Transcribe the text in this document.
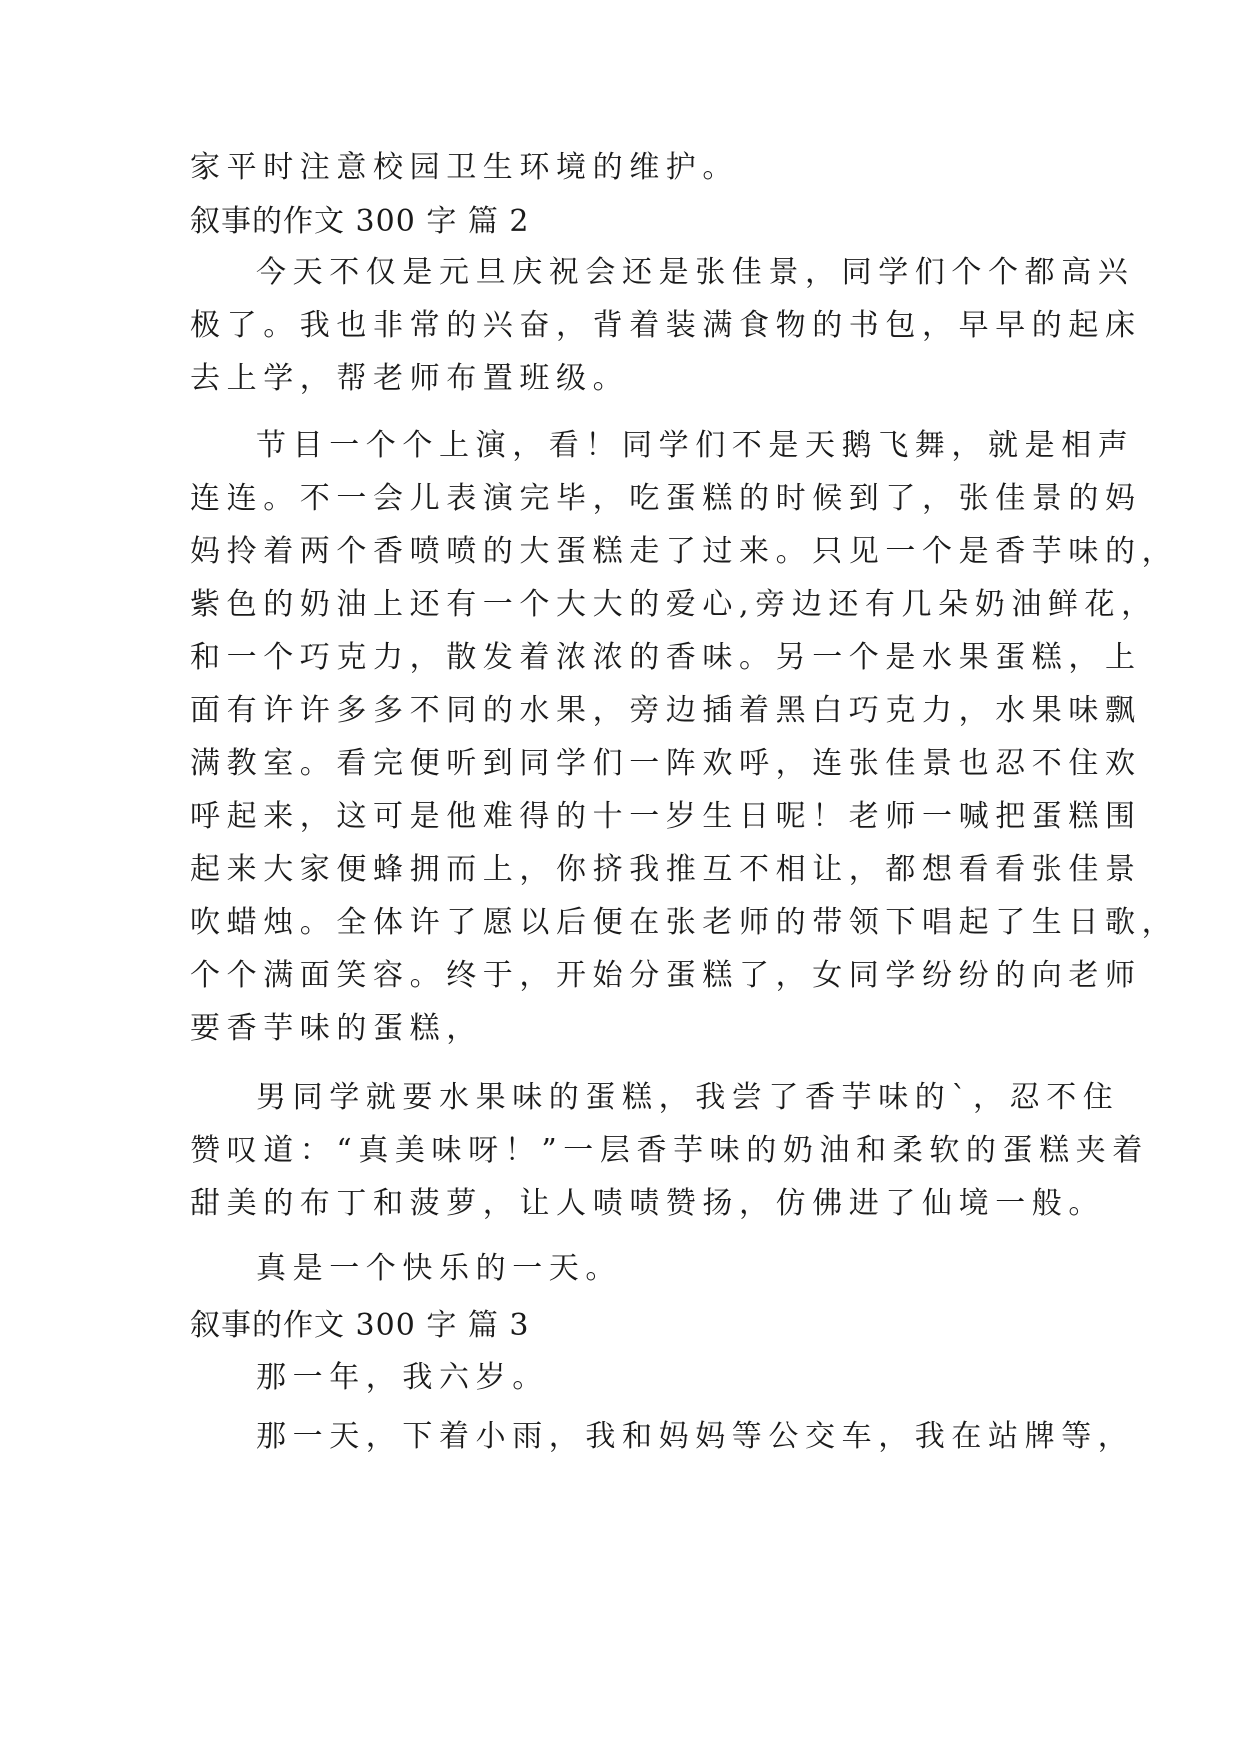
家平时注意校园卫生环境的维护。
叙事的作文 300 字 篇 2
今天不仅是元旦庆祝会还是张佳景，同学们个个都高兴
极了。我也非常的兴奋，背着装满食物的书包，早早的起床
去上学，帮老师布置班级。
节目一个个上演，看！同学们不是天鹅飞舞，就是相声
连连。不一会儿表演完毕，吃蛋糕的时候到了，张佳景的妈
妈拎着两个香喷喷的大蛋糕走了过来。只见一个是香芋味的，
紫色的奶油上还有一个大大的爱心,旁边还有几朵奶油鲜花，
和一个巧克力，散发着浓浓的香味。另一个是水果蛋糕，上
面有许许多多不同的水果，旁边插着黑白巧克力，水果味飘
满教室。看完便听到同学们一阵欢呼，连张佳景也忍不住欢
呼起来，这可是他难得的十一岁生日呢！老师一喊把蛋糕围
起来大家便蜂拥而上，你挤我推互不相让，都想看看张佳景
吹蜡烛。全体许了愿以后便在张老师的带领下唱起了生日歌，
个个满面笑容。终于，开始分蛋糕了，女同学纷纷的向老师
要香芋味的蛋糕，
男同学就要水果味的蛋糕，我尝了香芋味的`，忍不住
赞叹道：“真美味呀！”一层香芋味的奶油和柔软的蛋糕夹着
甜美的布丁和菠萝，让人啧啧赞扬，仿佛进了仙境一般。
真是一个快乐的一天。
叙事的作文 300 字 篇 3
那一年，我六岁。
那一天，下着小雨，我和妈妈等公交车，我在站牌等，
